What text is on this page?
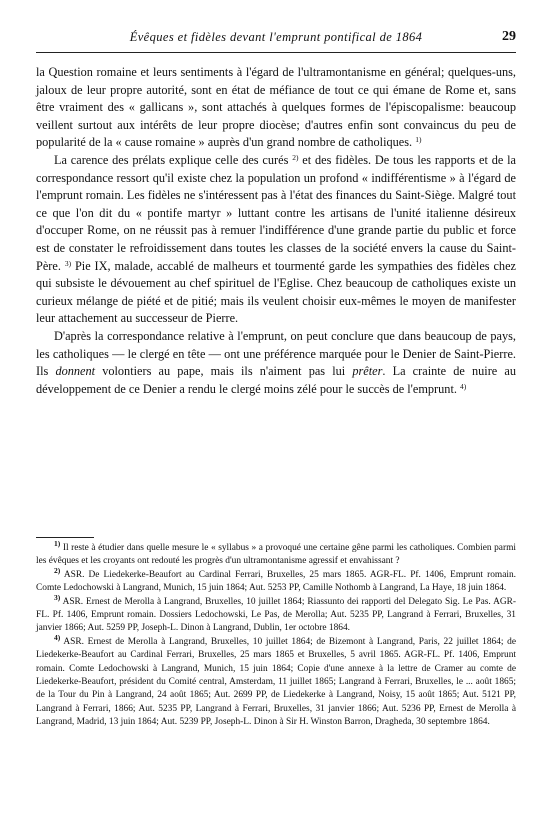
Évêques et fidèles devant l'emprunt pontifical de 1864	29

la Question romaine et leurs sentiments à l'égard de l'ultramontanisme en général; quelques-uns, jaloux de leur propre autorité, sont en état de méfiance de tout ce qui émane de Rome et, sans être vraiment des « gallicans », sont attachés à quelques formes de l'épiscopalisme: beaucoup veillent surtout aux intérêts de leur propre diocèse; d'autres enfin sont convaincus du peu de popularité de la « cause romaine » auprès d'un grand nombre de catholiques. $^{1)}$

La carence des prélats explique celle des curés $^{2)}$ et des fidèles. De tous les rapports et de la correspondance ressort qu'il existe chez la population un profond « indifférentisme » à l'égard de l'emprunt romain. Les fidèles ne s'intéressent pas à l'état des finances du Saint-Siège. Malgré tout ce que l'on dit du « pontife martyr » luttant contre les artisans de l'unité italienne désireux d'occuper Rome, on ne réussit pas à remuer l'indifférence d'une grande partie du public et force est de constater le refroidissement dans toutes les classes de la société envers la cause du Saint-Père. $^{3)}$ Pie IX, malade, accablé de malheurs et tourmenté garde les sympathies des fidèles chez qui subsiste le dévouement au chef spirituel de l'Eglise. Chez beaucoup de catholiques existe un curieux mélange de piété et de pitié; mais ils veulent choisir eux-mêmes le moyen de manifester leur attachement au successeur de Pierre.

D'après la correspondance relative à l'emprunt, on peut conclure que dans beaucoup de pays, les catholiques — le clergé en tête — ont une préférence marquée pour le Denier de Saint-Pierre. Ils donnent volontiers au pape, mais ils n'aiment pas lui prêter. La crainte de nuire au développement de ce Denier a rendu le clergé moins zélé pour le succès de l'emprunt. $^{4)}$

$^{1)}$ Il reste à étudier dans quelle mesure le « syllabus » a provoqué une certaine gêne parmi les catholiques. Combien parmi les évêques et les croyants ont redouté les progrès d'un ultramontanisme agressif et envahissant ?

$^{2)}$ ASR. De Liedekerke-Beaufort au Cardinal Ferrari, Bruxelles, 25 mars 1865. AGR-FL. Pf. 1406, Emprunt romain. Comte Ledochowski à Langrand, Munich, 15 juin 1864; Aut. 5253 PP, Camille Nothomb à Langrand, La Haye, 18 juin 1864.

$^{3)}$ ASR. Ernest de Merolla à Langrand, Bruxelles, 10 juillet 1864; Riassunto dei rapporti del Delegato Sig. Le Pas. AGR-FL. Pf. 1406, Emprunt romain. Dossiers Ledochowski, Le Pas, de Merolla; Aut. 5235 PP, Langrand à Ferrari, Bruxelles, 31 janvier 1866; Aut. 5259 PP, Joseph-L. Dinon à Langrand, Dublin, 1er octobre 1864.

$^{4)}$ ASR. Ernest de Merolla à Langrand, Bruxelles, 10 juillet 1864; de Bizemont à Langrand, Paris, 22 juillet 1864; de Liedekerke-Beaufort au Cardinal Ferrari, Bruxelles, 25 mars 1865 et Bruxelles, 5 avril 1865. AGR-FL. Pf. 1406, Emprunt romain. Comte Ledochowski à Langrand, Munich, 15 juin 1864; Copie d'une annexe à la lettre de Cramer au comte de Liedekerke-Beaufort, président du Comité central, Amsterdam, 11 juillet 1865; Langrand à Ferrari, Bruxelles, le ... août 1865; de la Tour du Pin à Langrand, 24 août 1865; Aut. 2699 PP, de Liedekerke à Langrand, Noisy, 15 août 1865; Aut. 5121 PP, Langrand à Ferrari, 1866; Aut. 5235 PP, Langrand à Ferrari, Bruxelles, 31 janvier 1866; Aut. 5236 PP, Ernest de Merolla à Langrand, Madrid, 13 juin 1864; Aut. 5239 PP, Joseph-L. Dinon à Sir H. Winston Barron, Dragheda, 30 septembre 1864.
